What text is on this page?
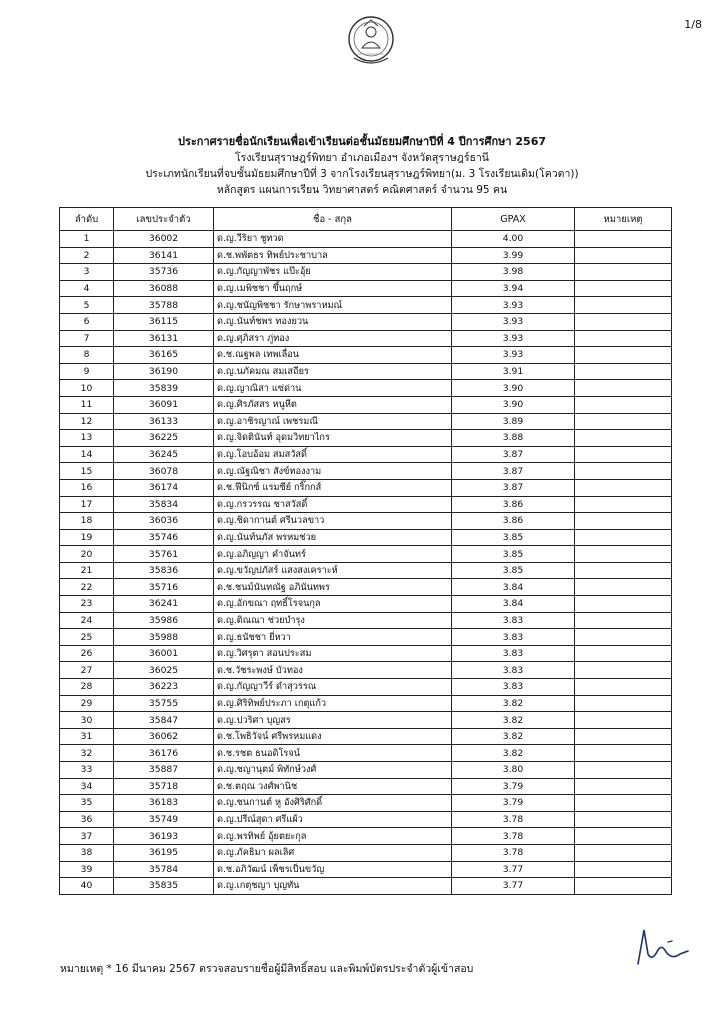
1/8
ประกาศรายชื่อนักเรียนเพื่อเข้าเรียนต่อชั้นมัธยมศึกษาปีที่ 4 ปีการศึกษา 2567
โรงเรียนสุราษฎร์พิทยา อำเภอเมืองฯ จังหวัดสุราษฎร์ธานี
ประเภทนักเรียนที่จบชั้นมัธยมศึกษาปีที่ 3 จากโรงเรียนสุราษฎร์พิทยา(ม. 3 โรงเรียนเดิม(โควตา))
หลักสูตร แผนการเรียน วิทยาศาสตร์ คณิตศาสตร์ จำนวน 95 คน
ลำดับ	เลขประจำตัว	ชื่อ - สกุล	GPAX	หมายเหตุ
1	36002	ด.ญ.วีริยา ชูทวด	4.00	
2	36141	ด.ช.พพัตธร ทิพย์ประชาบาล	3.99	
3	35736	ด.ญ.กัญญาพัชร แป๊ะอุ้ย	3.98	
4	36088	ด.ญ.เมพิชชา ขึ้นฤกษ์	3.94	
5	35788	ด.ญ.ชนัญพิชชา รักษาพราหมณ์	3.93	
6	36115	ด.ญ.นันท์ชพร ทองยวน	3.93	
7	36131	ด.ญ.ศุภิสรา ภู่ทอง	3.93	
8	36165	ด.ช.ณฐพล เทพเลื่อน	3.93	
9	36190	ด.ญ.นภัคมณ สมเสถียร	3.91	
10	35839	ด.ญ.ญาณิสา แซ่ด่าน	3.90	
11	36091	ด.ญ.ศิรภัสสร หนูหีต	3.90	
12	36133	ด.ญ.อาชิรญาณ์ เพชรมณี	3.89	
13	36225	ด.ญ.จิดตินันท์ อุดมวิทยาไกร	3.88	
14	36245	ด.ญ.โอบอ้อม สมสวัสดิ์	3.87	
15	36078	ด.ญ.ณัฐณิชา สังข์ทองงาม	3.87	
16	36174	ด.ช.ฟีนิกซ์ แรมซีย์ กริ๊กกส์	3.87	
17	35834	ด.ญ.กรวรรณ ชาสวัสดิ์	3.86	
18	36036	ด.ญ.ชิดากานต์ ศรีนวลขาว	3.86	
19	35746	ด.ญ.นันท์นภัส พรหมช่วย	3.85	
20	35761	ด.ญ.อภิญญา คำจันทร์	3.85	
21	35836	ด.ญ.ขวัญปภัสร์ แสงสงเคราะห์	3.85	
22	35716	ด.ช.ชนม์นันทณัฐ อภินันทพร	3.84	
23	36241	ด.ญ.อักขณา ฤทธิ์โรจนกุล	3.84	
24	35986	ด.ญ.ติณณา ช่วยบำรุง	3.83	
25	35988	ด.ญ.ธนัชชา ยี่หวา	3.83	
26	36001	ด.ญ.วิศรุตา สอนประสม	3.83	
27	36025	ด.ช.วัชระพงษ์ บัวทอง	3.83	
28	36223	ด.ญ.กัญญาวีร์ ดำสุวรรณ	3.83	
29	35755	ด.ญ.ศิริทิพย์ประภา เกตุแก้ว	3.82	
30	35847	ด.ญ.ปวริศา บุญสร	3.82	
31	36062	ด.ช.โพธิวัจน์ ศรีพรหมแดง	3.82	
32	36176	ด.ช.รชต ธนอดิโรจน์	3.82	
33	35887	ด.ญ.ชญานุตม์ พิทักษ์วงศ์	3.80	
34	35718	ด.ช.ตฤณ วงศ์พานิช	3.79	
35	36183	ด.ญ.ชนกานต์ หู อังศิริศักดิ์	3.79	
36	35749	ด.ญ.ปรีณ์สุดา ศรีแผ้ว	3.78	
37	36193	ด.ญ.พรทิพย์ อุ้ยตยะกุล	3.78	
38	36195	ด.ญ.ภัคธิมา ผลเลิศ	3.78	
39	35784	ด.ช.อภิวัฒน์ เพ็ชรเป็นขวัญ	3.77	
40	35835	ด.ญ.เกตุชญา บุญทัน	3.77	
หมายเหตุ * 16 มีนาคม 2567 ตรวจสอบรายชื่อผู้มีสิทธิ์สอบ และพิมพ์บัตรประจำตัวผู้เข้าสอบ
